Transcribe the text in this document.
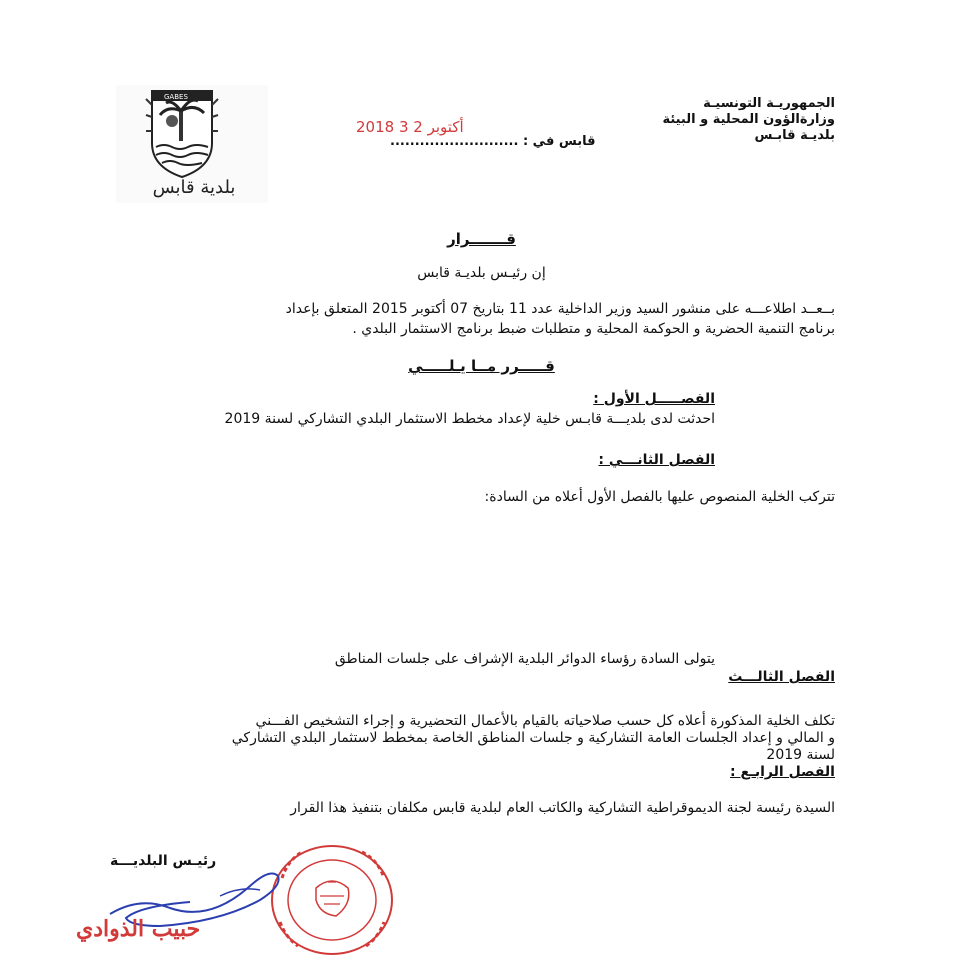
الجمهوريـة التونسيـة
وزارةالؤون المحلية و البيئة
بلديـة قابـس
GABES
بلدية قابس
2018 أكتوبر 2 3
قابس في : ..........................
قـــــــرار
إن رئيـس بلديـة قابس
بــعــد اطلاعـــه على منشور السيد وزير الداخلية عدد 11 بتاريخ 07 أكتوبر 2015 المتعلق بإعداد
برنامج التنمية الحضرية و الحوكمة المحلية و متطلبات ضبط برنامج الاستثمار البلدي .
قـــــرر مــا يـلـــــي
الفصـــــل الأول :
احدثت لدى بلديـــة قابـس خلية لإعداد مخطط الاستثمار البلدي التشاركي لسنة 2019
الفصل الثانـــي :
تتركب الخلية المنصوص عليها بالفصل الأول أعلاه من السادة:
يتولى السادة رؤساء الدوائر البلدية الإشراف على جلسات المناطق
الفصل الثالـــث
تكلف الخلية المذكورة أعلاه كل حسب صلاحياته بالقيام بالأعمال التحضيرية و إجراء التشخيص الفـــني
و المالي و إعداد الجلسات العامة التشاركية و جلسات المناطق الخاصة بمخطط لاستثمار البلدي التشاركي
لسنة 2019
الفصل الرابـع :
السيدة رئيسة لجنة الديموقراطية التشاركية والكاتب العام لبلدية قابس مكلفان بتنفيذ هذا القرار
رئيـس البلديـــة
حبيب الذوادي
